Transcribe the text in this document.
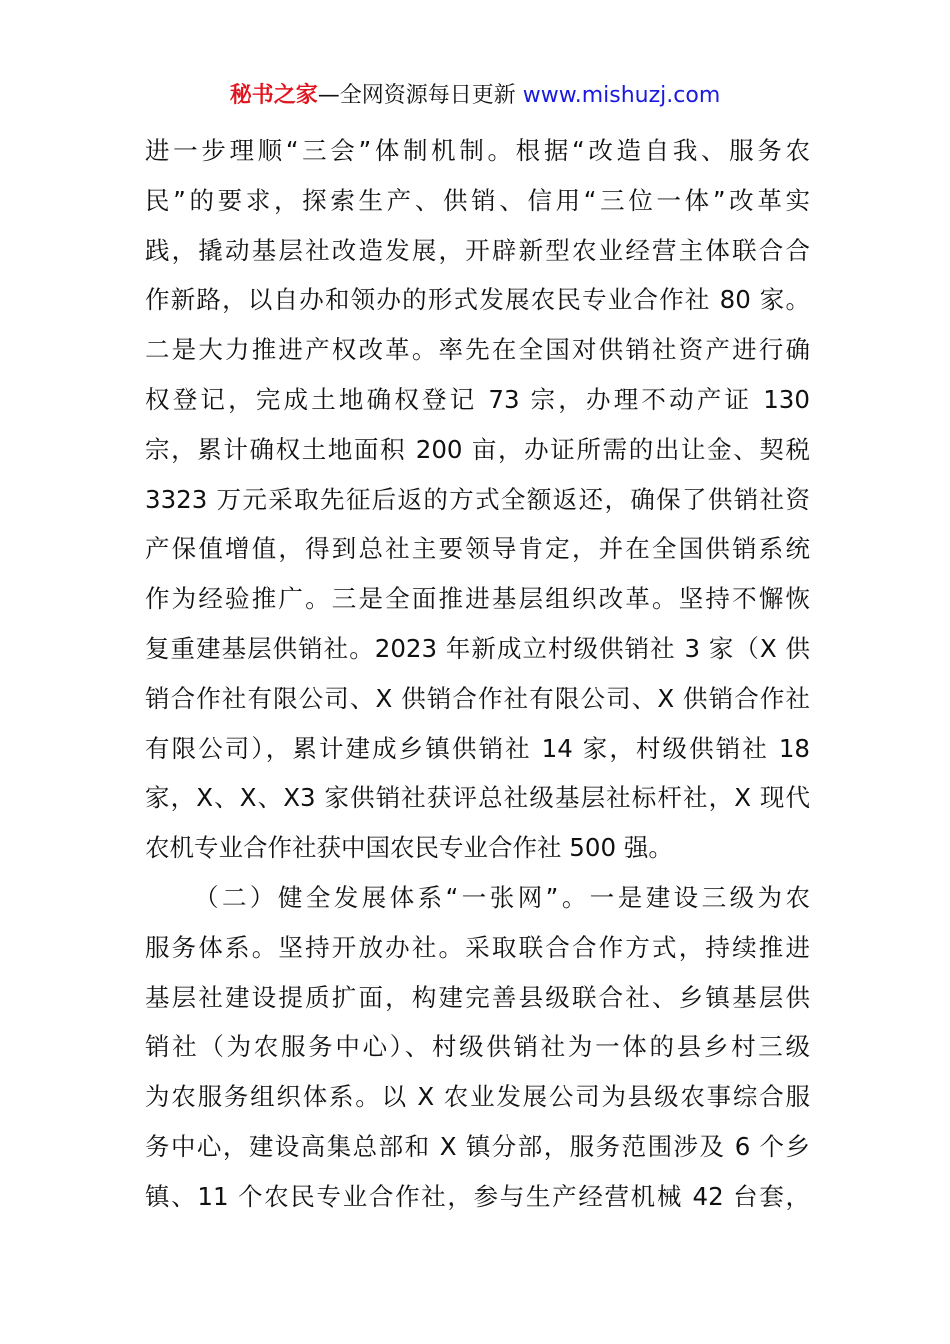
秘书之家—全网资源每日更新 www.mishuzj.com
进一步理顺“三会”体制机制。根据“改造自我、服务农
民”的要求，探索生产、供销、信用“三位一体”改革实
践，撬动基层社改造发展，开辟新型农业经营主体联合合
作新路，以自办和领办的形式发展农民专业合作社 80 家。
二是大力推进产权改革。率先在全国对供销社资产进行确
权登记，完成土地确权登记 73 宗，办理不动产证 130
宗，累计确权土地面积 200 亩，办证所需的出让金、契税
3323 万元采取先征后返的方式全额返还，确保了供销社资
产保值增值，得到总社主要领导肯定，并在全国供销系统
作为经验推广。三是全面推进基层组织改革。坚持不懈恢
复重建基层供销社。2023 年新成立村级供销社 3 家（X 供
销合作社有限公司、X 供销合作社有限公司、X 供销合作社
有限公司），累计建成乡镇供销社 14 家，村级供销社 18
家，X、X、X3 家供销社获评总社级基层社标杆社，X 现代
农机专业合作社获中国农民专业合作社 500 强。
（二）健全发展体系“一张网”。一是建设三级为农
服务体系。坚持开放办社。采取联合合作方式，持续推进
基层社建设提质扩面，构建完善县级联合社、乡镇基层供
销社（为农服务中心）、村级供销社为一体的县乡村三级
为农服务组织体系。以 X 农业发展公司为县级农事综合服
务中心，建设高集总部和 X 镇分部，服务范围涉及 6 个乡
镇、11 个农民专业合作社，参与生产经营机械 42 台套，
